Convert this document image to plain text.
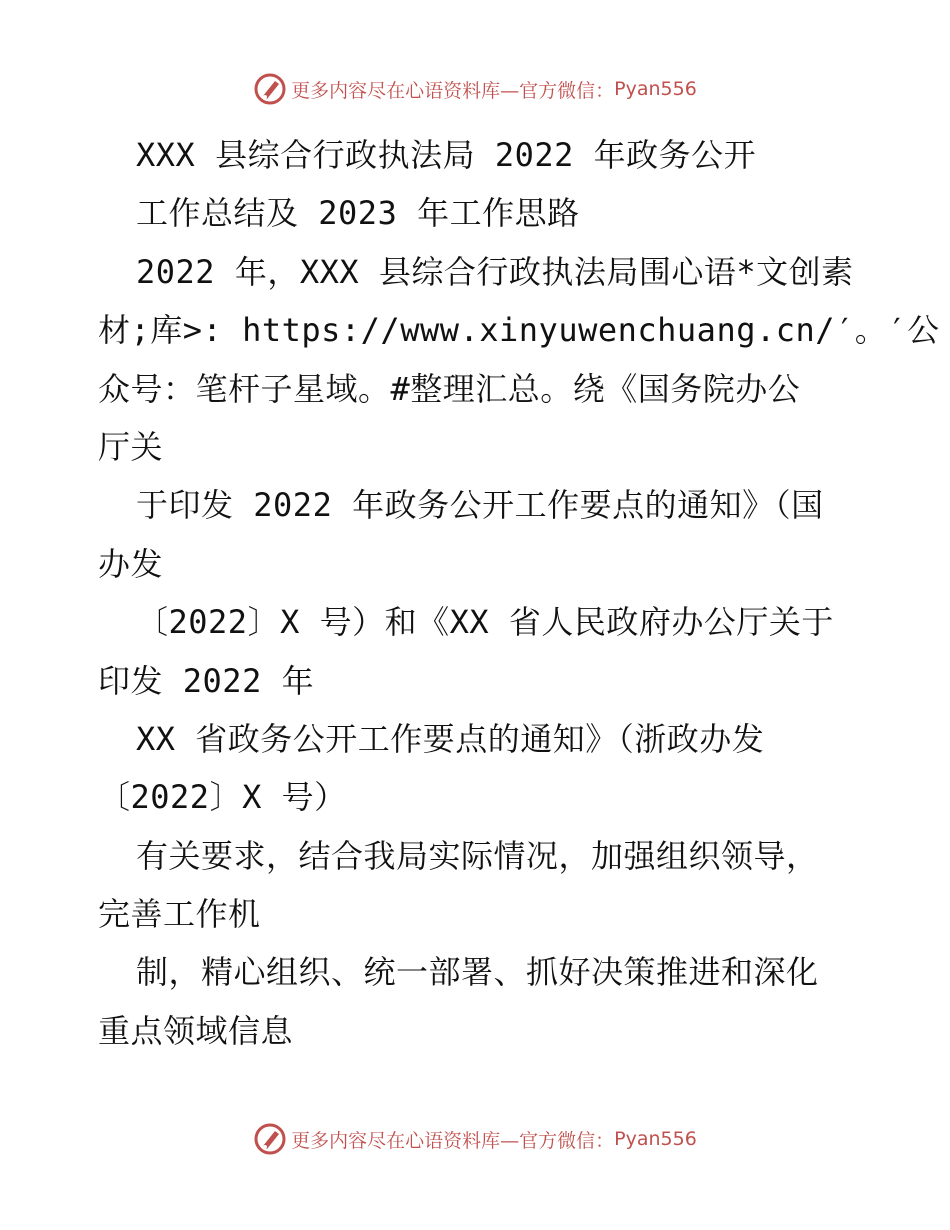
更多内容尽在心语资料库—官方微信： Pyan556
XXX 县综合行政执法局 2022 年政务公开
工作总结及 2023 年工作思路
2022 年，XXX 县综合行政执法局围心语*文创素
材;库>: https://www.xinyuwenchuang.cn/′。′公
众号：笔杆子星域。#整理汇总。绕《国务院办公
厅关
于印发 2022 年政务公开工作要点的通知》（国
办发
〔2022〕X 号）和《XX 省人民政府办公厅关于
印发 2022 年
XX 省政务公开工作要点的通知》（浙政办发
〔2022〕X 号）
有关要求，结合我局实际情况，加强组织领导，
完善工作机
制，精心组织、统一部署、抓好决策推进和深化
重点领域信息
更多内容尽在心语资料库—官方微信： Pyan556
